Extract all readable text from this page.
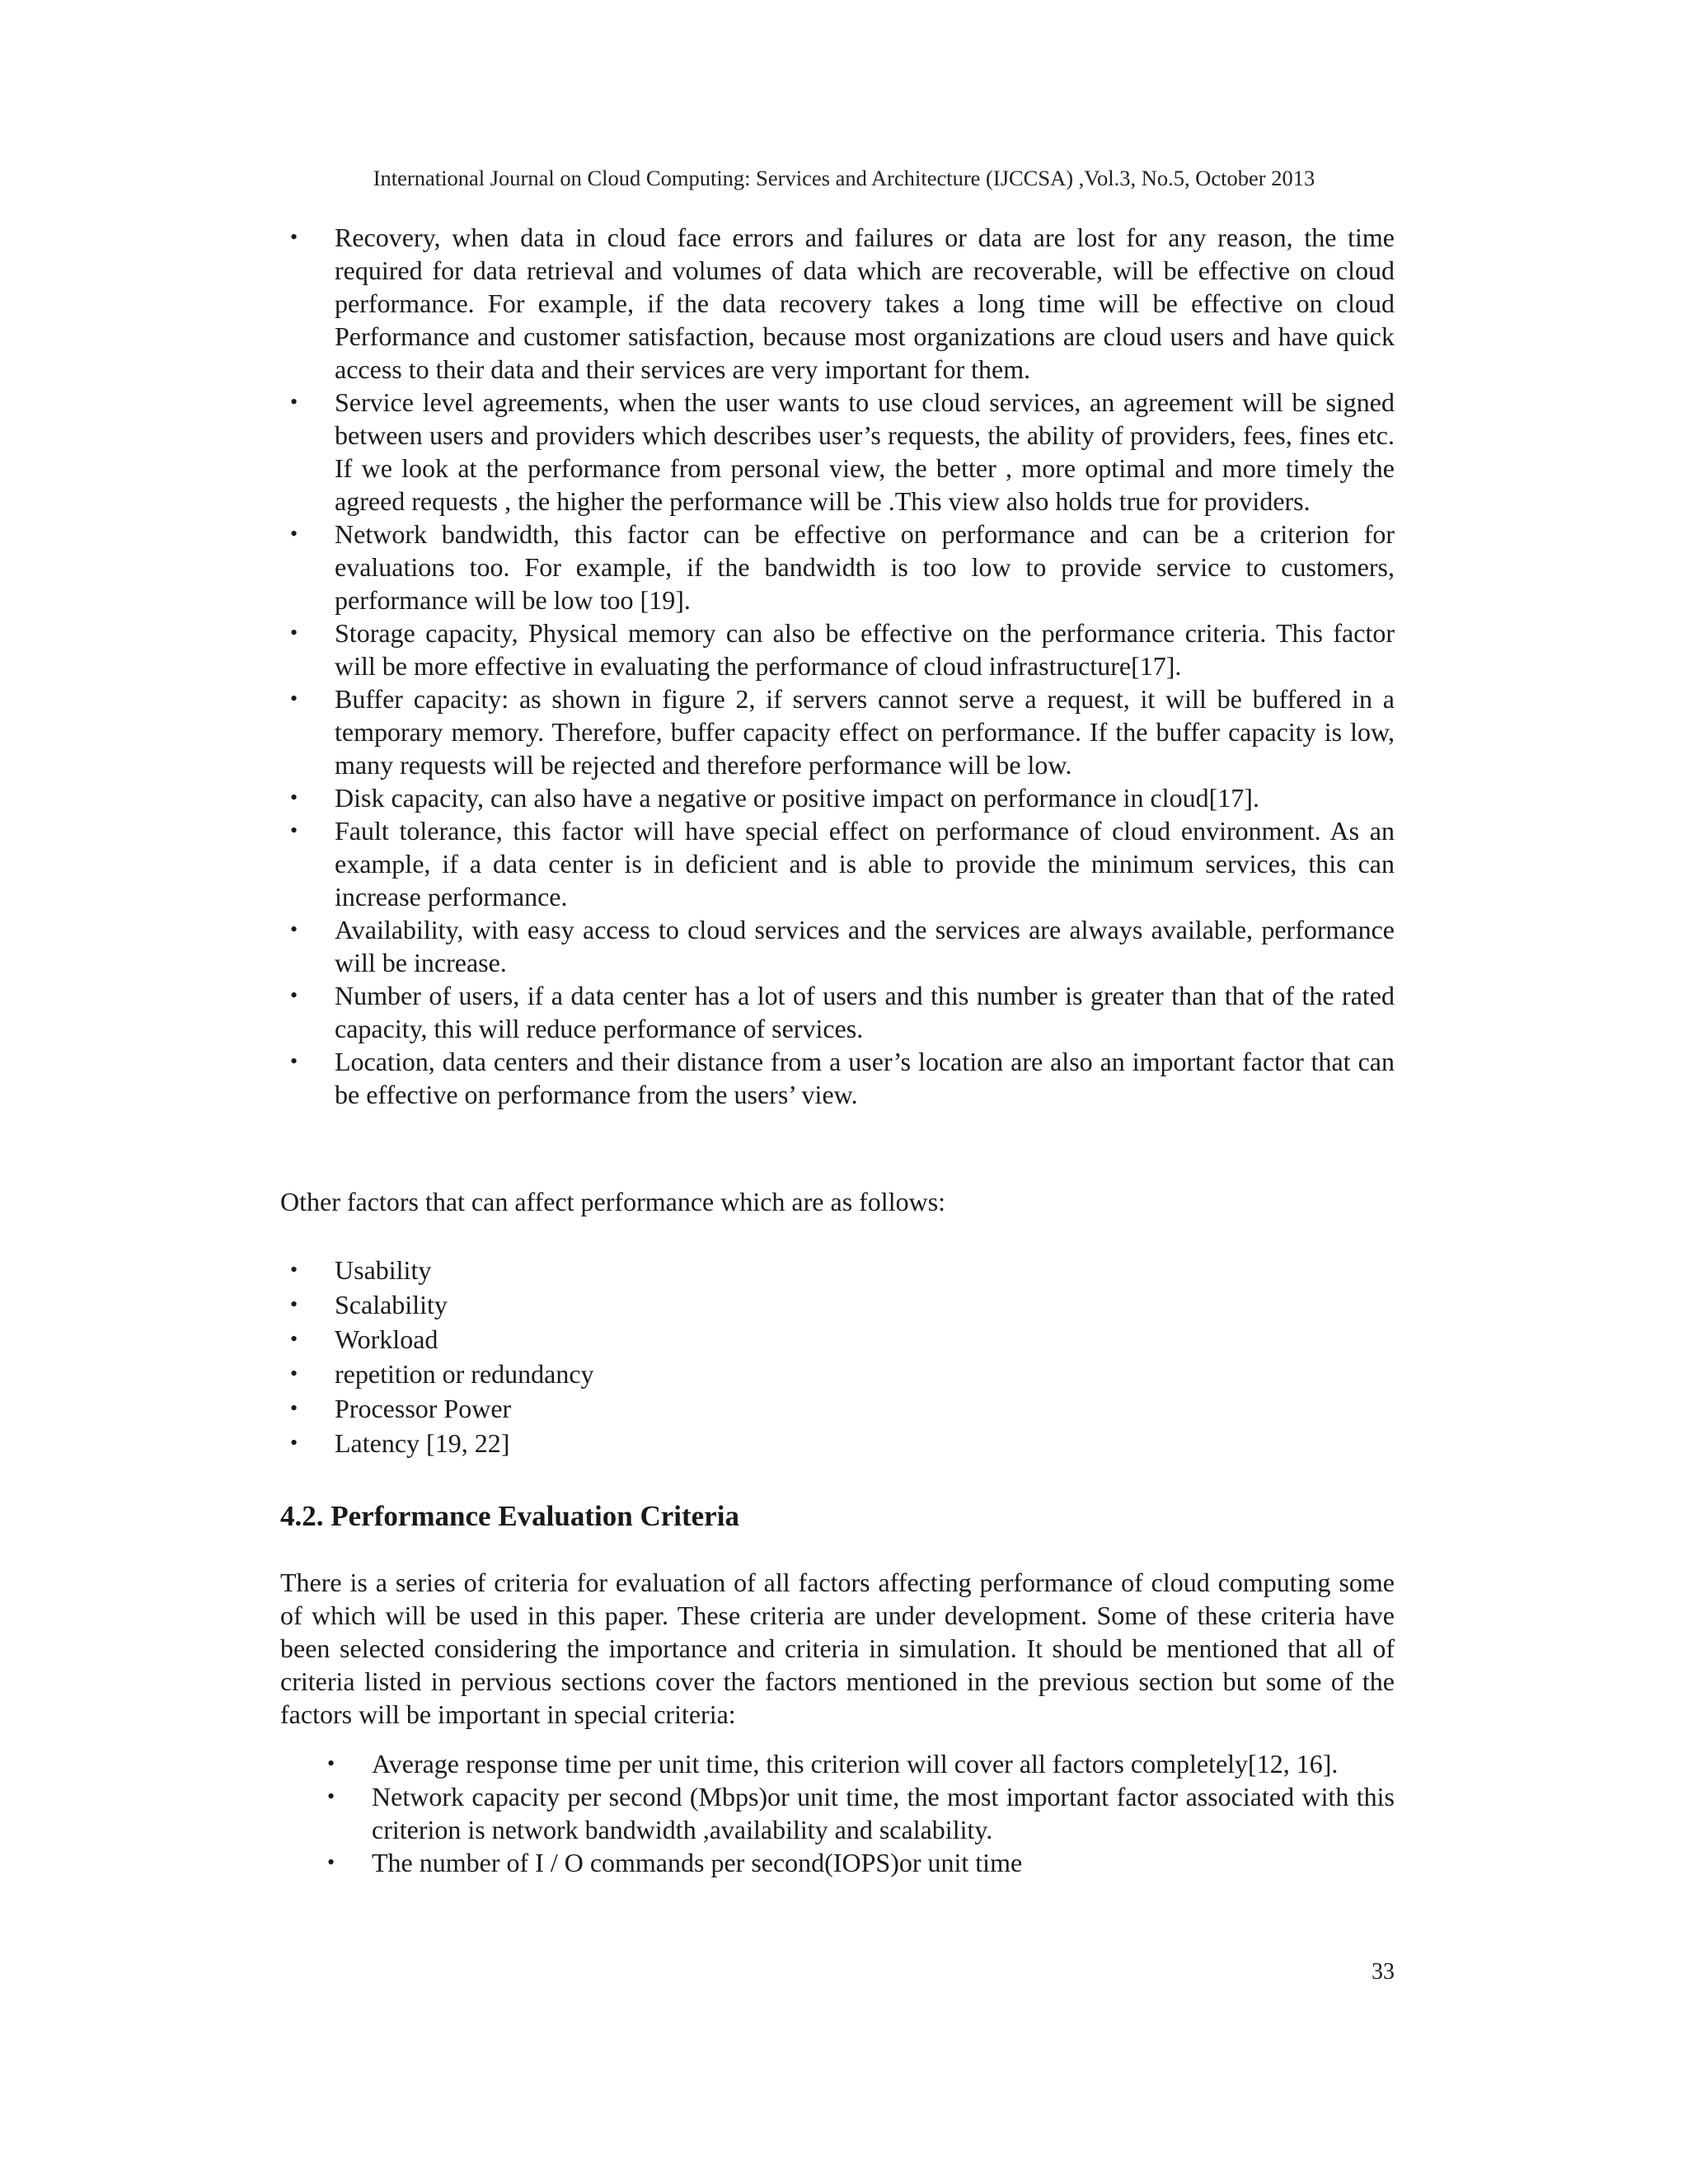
International Journal on Cloud Computing: Services and Architecture (IJCCSA) ,Vol.3, No.5, October 2013
• Recovery, when data in cloud face errors and failures or data are lost for any reason, the time required for data retrieval and volumes of data which are recoverable, will be effective on cloud performance. For example, if the data recovery takes a long time will be effective on cloud Performance and customer satisfaction, because most organizations are cloud users and have quick access to their data and their services are very important for them.
• Service level agreements, when the user wants to use cloud services, an agreement will be signed between users and providers which describes user’s requests, the ability of providers, fees, fines etc. If we look at the performance from personal view, the better , more optimal and more timely the agreed requests , the higher the performance will be .This view also holds true for providers.
• Network bandwidth, this factor can be effective on performance and can be a criterion for evaluations too. For example, if the bandwidth is too low to provide service to customers, performance will be low too [19].
• Storage capacity, Physical memory can also be effective on the performance criteria. This factor will be more effective in evaluating the performance of cloud infrastructure[17].
• Buffer capacity: as shown in figure 2, if servers cannot serve a request, it will be buffered in a temporary memory. Therefore, buffer capacity effect on performance. If the buffer capacity is low, many requests will be rejected and therefore performance will be low.
• Disk capacity, can also have a negative or positive impact on performance in cloud[17].
• Fault tolerance, this factor will have special effect on performance of cloud environment. As an example, if a data center is in deficient and is able to provide the minimum services, this can increase performance.
• Availability, with easy access to cloud services and the services are always available, performance will be increase.
• Number of users, if a data center has a lot of users and this number is greater than that of the rated capacity, this will reduce performance of services.
• Location, data centers and their distance from a user’s location are also an important factor that can be effective on performance from the users’ view.

Other factors that can affect performance which are as follows:

• Usability
• Scalability
• Workload
• repetition or redundancy
• Processor Power
• Latency [19, 22]
4.2. Performance Evaluation Criteria

There is a series of criteria for evaluation of all factors affecting performance of cloud computing some of which will be used in this paper. These criteria are under development. Some of these criteria have been selected considering the importance and criteria in simulation. It should be mentioned that all of criteria listed in pervious sections cover the factors mentioned in the previous section but some of the factors will be important in special criteria:

• Average response time per unit time, this criterion will cover all factors completely[12, 16].
• Network capacity per second (Mbps)or unit time, the most important factor associated with this criterion is network bandwidth ,availability and scalability.
• The number of I / O commands per second(IOPS)or unit time
33
